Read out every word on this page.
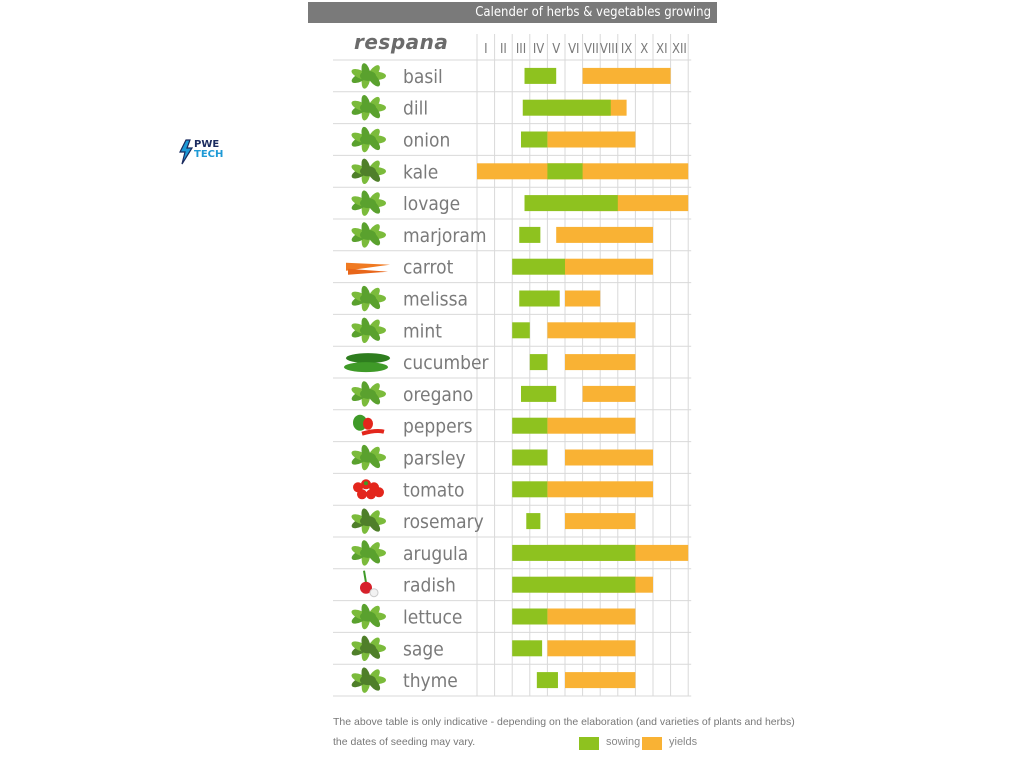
PWE
TECH
Calender of herbs & vegetables growing
respana	I II III IV V VI VII VIII IX X XI XII
basil
dill
onion
kale
lovage
marjoram
carrot
melissa
mint
cucumber
oregano
peppers
parsley
tomato
rosemary
arugula
radish
lettuce
sage
thyme
The above table is only indicative - depending on the elaboration (and varieties of plants and herbs)
the dates of seeding may vary.	sowing	yields
